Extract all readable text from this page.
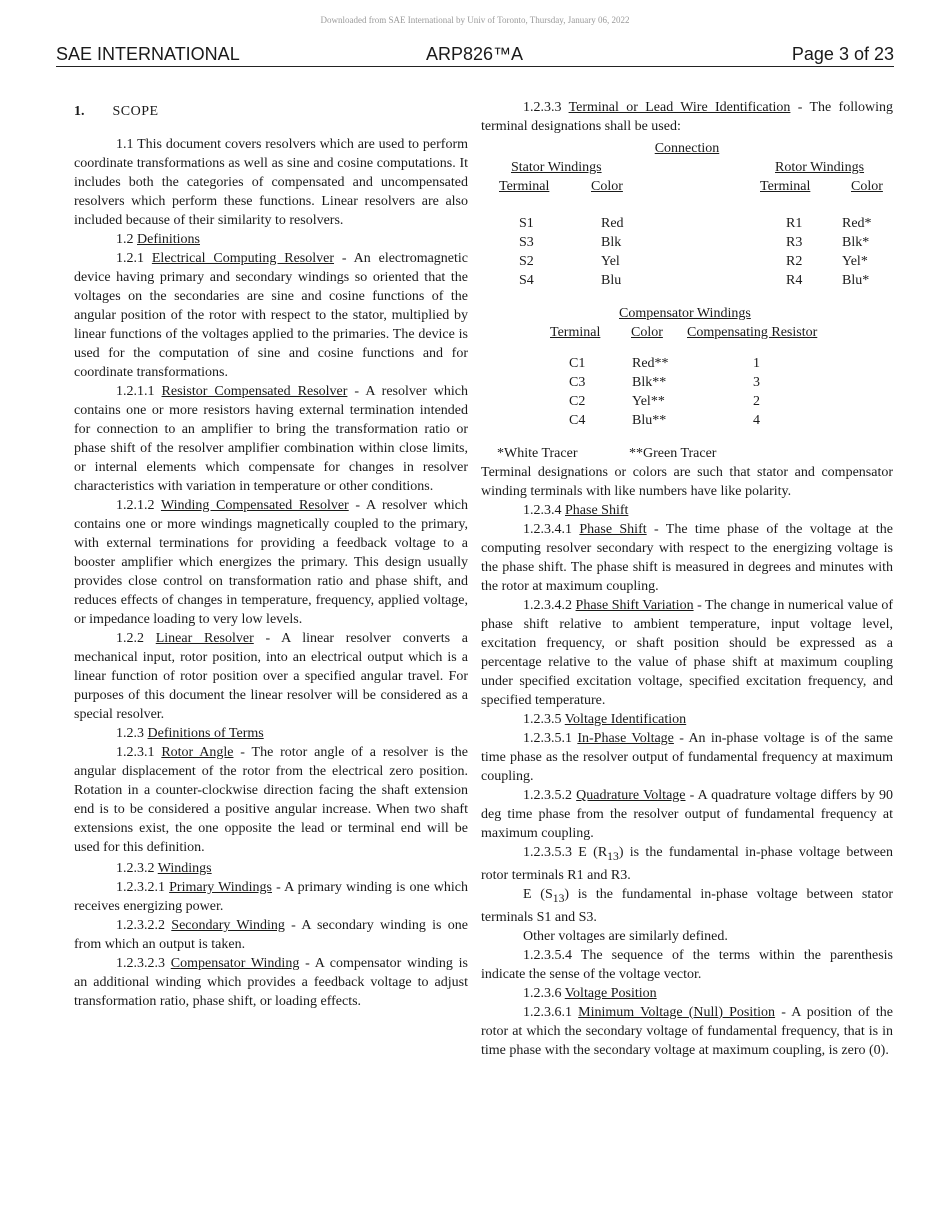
Downloaded from SAE International by Univ of Toronto, Thursday, January 06, 2022
SAE INTERNATIONAL	ARP826™A	Page 3 of 23
1. SCOPE

1.1 This document covers resolvers which are used to perform coordinate transformations as well as sine and cosine computations. It includes both the categories of compensated and uncompensated resolvers which perform these functions. Linear resolvers are also included because of their similarity to resolvers.

1.2 Definitions

1.2.1 Electrical Computing Resolver - An electromagnetic device having primary and secondary windings so oriented that the voltages on the secondaries are sine and cosine functions of the angular position of the rotor with respect to the stator, multiplied by linear functions of the voltages applied to the primaries. The device is used for the computation of sine and cosine functions and for coordinate transformations.

1.2.1.1 Resistor Compensated Resolver - A resolver which contains one or more resistors having external termination intended for connection to an amplifier to bring the transformation ratio or phase shift of the resolver amplifier combination within close limits, or internal elements which compensate for changes in resolver characteristics with variation in temperature or other conditions.

1.2.1.2 Winding Compensated Resolver - A resolver which contains one or more windings magnetically coupled to the primary, with external terminations for providing a feedback voltage to a booster amplifier which energizes the primary. This design usually provides close control on transformation ratio and phase shift, and reduces effects of changes in temperature, frequency, applied voltage, or impedance loading to very low levels.

1.2.2 Linear Resolver - A linear resolver converts a mechanical input, rotor position, into an electrical output which is a linear function of rotor position over a specified angular travel. For purposes of this document the linear resolver will be considered as a special resolver.

1.2.3 Definitions of Terms

1.2.3.1 Rotor Angle - The rotor angle of a resolver is the angular displacement of the rotor from the electrical zero position. Rotation in a counter-clockwise direction facing the shaft extension end is to be considered a positive angular increase. When two shaft extensions exist, the one opposite the lead or terminal end will be used for this definition.

1.2.3.2 Windings

1.2.3.2.1 Primary Windings - A primary winding is one which receives energizing power.

1.2.3.2.2 Secondary Winding - A secondary winding is one from which an output is taken.

1.2.3.2.3 Compensator Winding - A compensator winding is an additional winding which provides a feedback voltage to adjust transformation ratio, phase shift, or loading effects.

1.2.3.3 Terminal or Lead Wire Identification - The following terminal designations shall be used:

Connection
Stator Windings	Rotor Windings
Terminal	Color	Terminal	Color
S1	Red	R1	Red*
S3	Blk	R3	Blk*
S2	Yel	R2	Yel*
S4	Blu	R4	Blu*
Compensator Windings
Terminal Color Compensating Resistor
C1	Red**	1
C3	Blk**	3
C2	Yel**	2
C4	Blu**	4
*White Tracer	**Green Tracer

Terminal designations or colors are such that stator and compensator winding terminals with like numbers have like polarity.

1.2.3.4 Phase Shift

1.2.3.4.1 Phase Shift - The time phase of the voltage at the computing resolver secondary with respect to the energizing voltage is the phase shift. The phase shift is measured in degrees and minutes with the rotor at maximum coupling.

1.2.3.4.2 Phase Shift Variation - The change in numerical value of phase shift relative to ambient temperature, input voltage level, excitation frequency, or shaft position should be expressed as a percentage relative to the value of phase shift at maximum coupling under specified excitation voltage, specified excitation frequency, and specified temperature.

1.2.3.5 Voltage Identification

1.2.3.5.1 In-Phase Voltage - An in-phase voltage is of the same time phase as the resolver output of fundamental frequency at maximum coupling.

1.2.3.5.2 Quadrature Voltage - A quadrature voltage differs by 90 deg time phase from the resolver output of fundamental frequency at maximum coupling.

1.2.3.5.3 E $(R_{13})$ is the fundamental in-phase voltage between rotor terminals R1 and R3.

E $(S_{13})$ is the fundamental in-phase voltage between stator terminals S1 and S3.

Other voltages are similarly defined.

1.2.3.5.4 The sequence of the terms within the parenthesis indicate the sense of the voltage vector.

1.2.3.6 Voltage Position

1.2.3.6.1 Minimum Voltage (Null) Position - A position of the rotor at which the secondary voltage of fundamental frequency, that is in time phase with the secondary voltage at maximum coupling, is zero (0).
